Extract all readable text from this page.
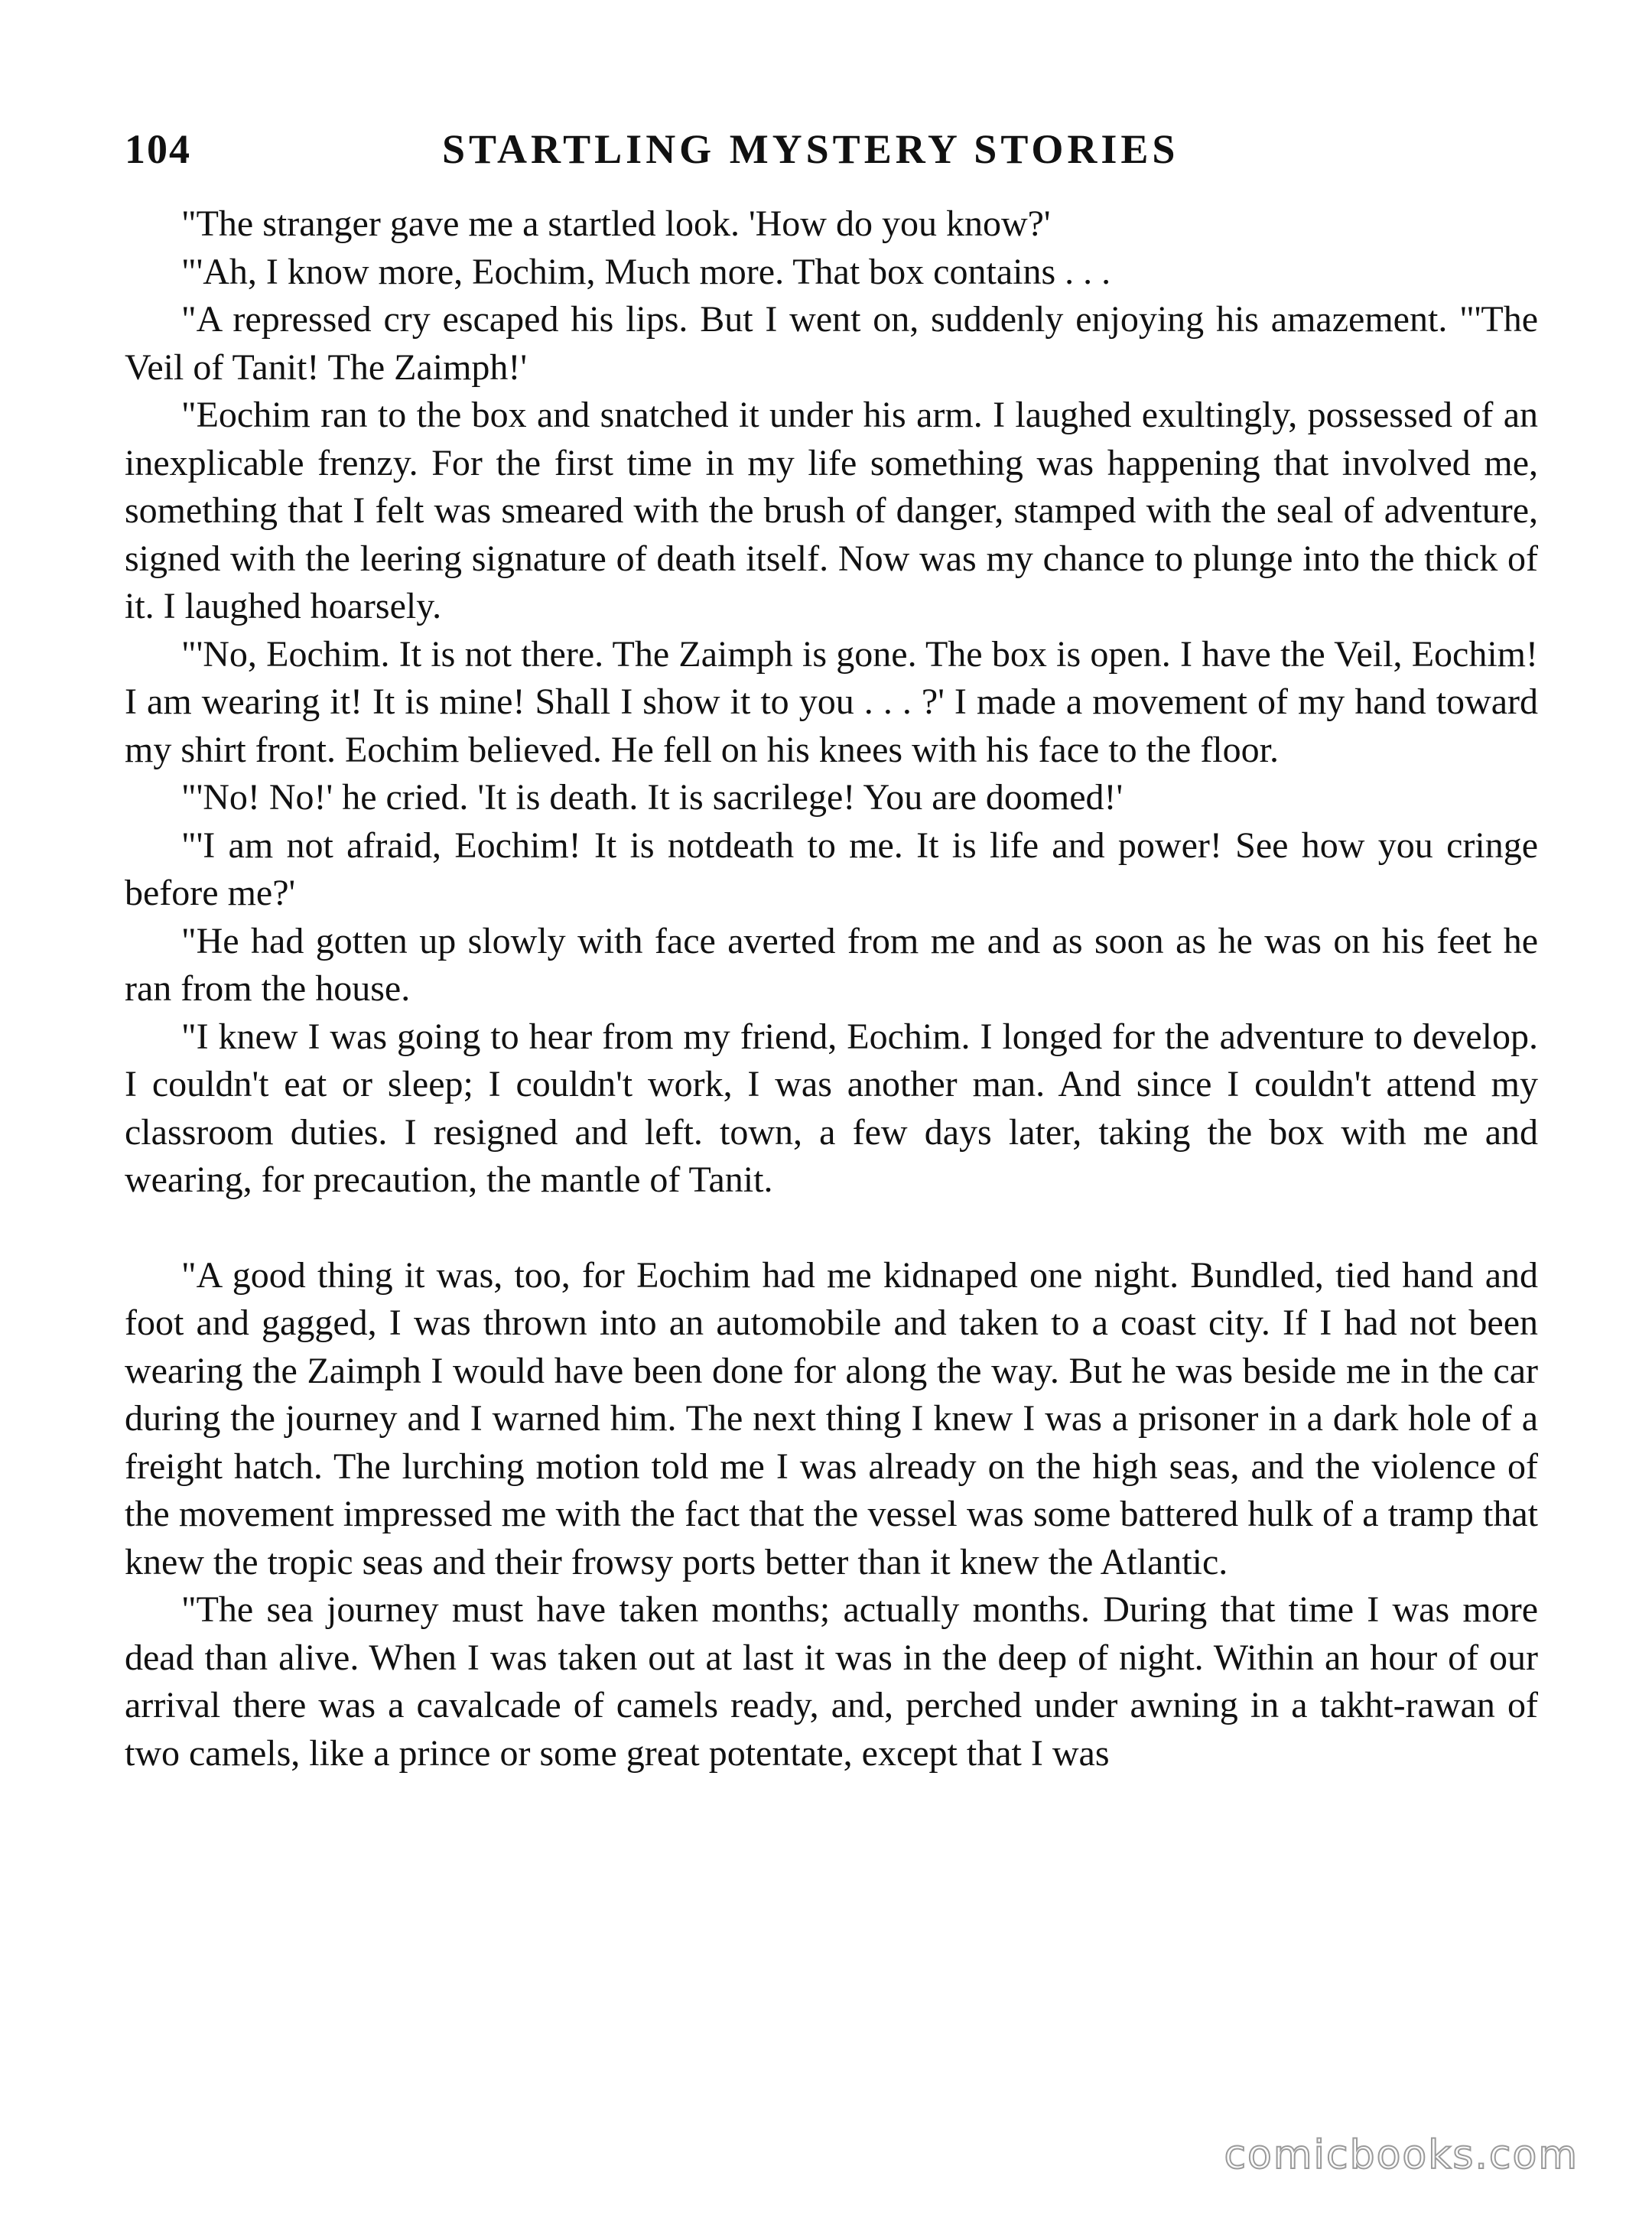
104	STARTLING MYSTERY STORIES

"The stranger gave me a startled look. 'How do you know?'

"'Ah, I know more, Eochim, Much more. That box contains . . .

"A repressed cry escaped his lips. But I went on, suddenly enjoying his amazement. "'The Veil of Tanit! The Zaimph!'

"Eochim ran to the box and snatched it under his arm. I laughed exultingly, possessed of an inexplicable frenzy. For the first time in my life something was happening that involved me, something that I felt was smeared with the brush of danger, stamped with the seal of adventure, signed with the leering signature of death itself. Now was my chance to plunge into the thick of it. I laughed hoarsely.

"'No, Eochim. It is not there. The Zaimph is gone. The box is open. I have the Veil, Eochim! I am wearing it! It is mine! Shall I show it to you . . . ?' I made a movement of my hand toward my shirt front. Eochim believed. He fell on his knees with his face to the floor.

"'No! No!' he cried. 'It is death. It is sacrilege! You are doomed!'

"'I am not afraid, Eochim! It is notdeath to me. It is life and power! See how you cringe before me?'

"He had gotten up slowly with face averted from me and as soon as he was on his feet he ran from the house.

"I knew I was going to hear from my friend, Eochim. I longed for the adventure to develop. I couldn't eat or sleep; I couldn't work, I was another man. And since I couldn't attend my classroom duties. I resigned and left. town, a few days later, taking the box with me and wearing, for precaution, the mantle of Tanit.

"A good thing it was, too, for Eochim had me kidnaped one night. Bundled, tied hand and foot and gagged, I was thrown into an automobile and taken to a coast city. If I had not been wearing the Zaimph I would have been done for along the way. But he was beside me in the car during the journey and I warned him. The next thing I knew I was a prisoner in a dark hole of a freight hatch. The lurching motion told me I was already on the high seas, and the violence of the movement impressed me with the fact that the vessel was some battered hulk of a tramp that knew the tropic seas and their frowsy ports better than it knew the Atlantic.

"The sea journey must have taken months; actually months. During that time I was more dead than alive. When I was taken out at last it was in the deep of night. Within an hour of our arrival there was a cavalcade of camels ready, and, perched under awning in a takht-rawan of two camels, like a prince or some great potentate, except that I was

comicbooks.com
